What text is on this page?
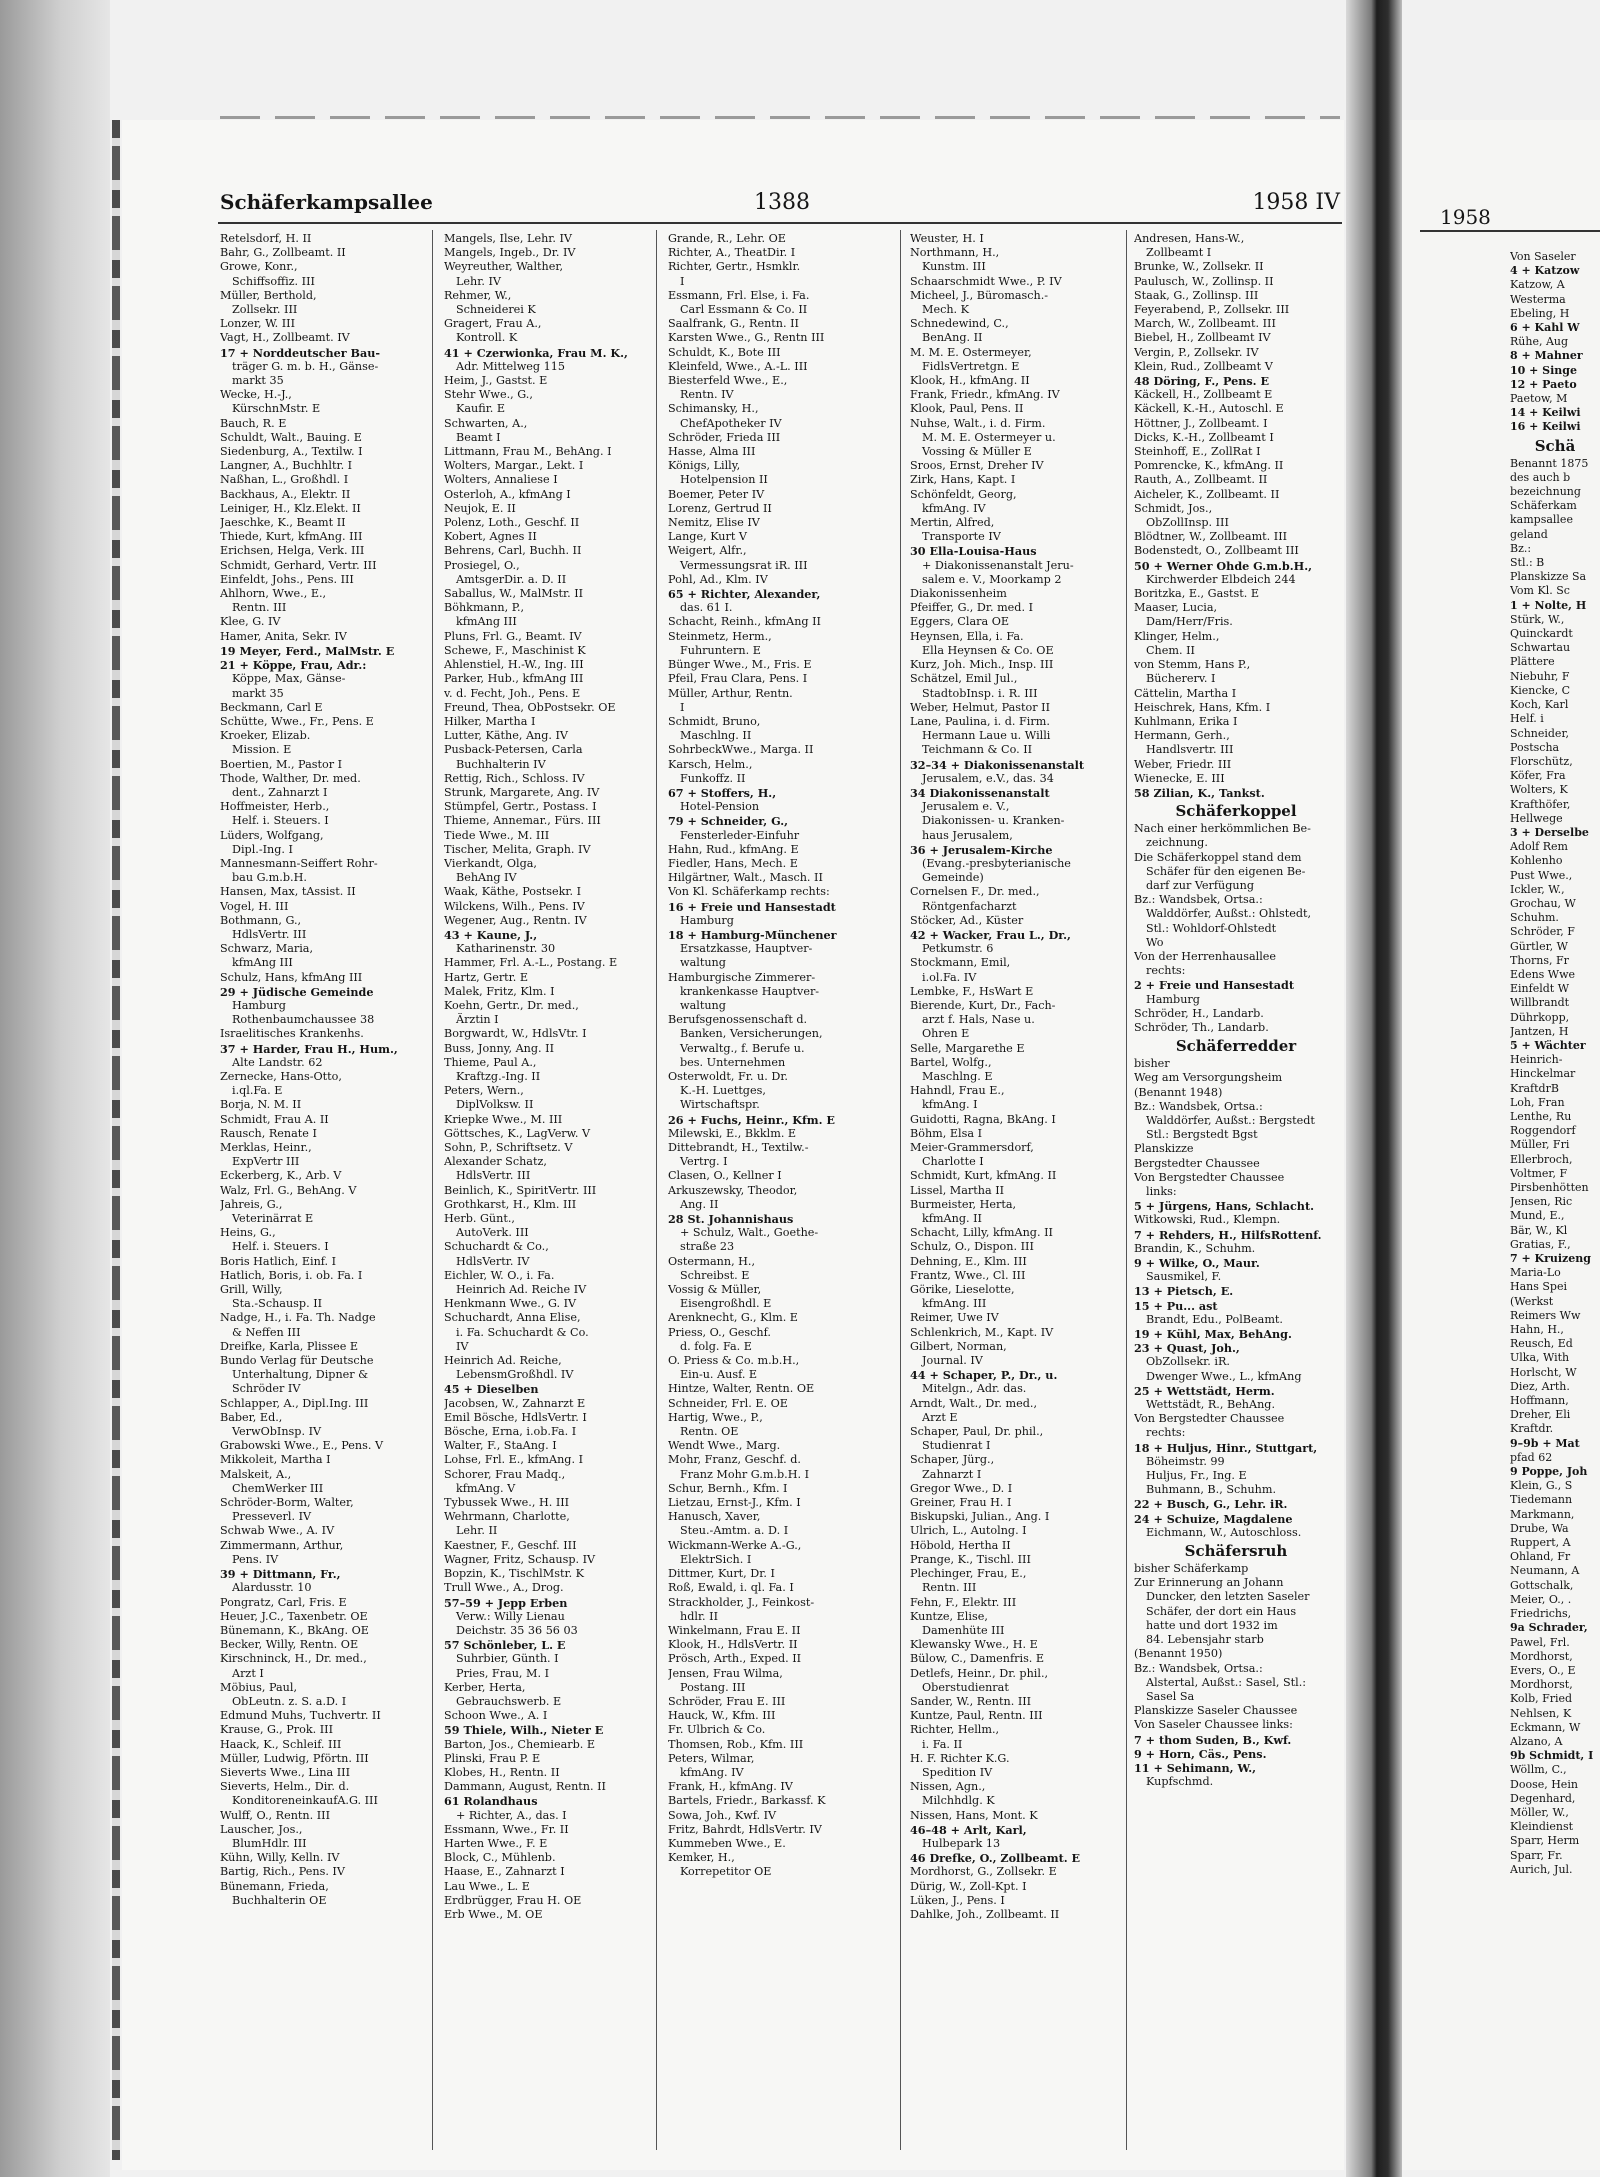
Schäferkampsallee	1388	1958 IV
Retelsdorf, H. II
Bahr, G., Zollbeamt. II
Growe, Konr.,
Schiffsoffiz. III
Müller, Berthold,
Zollsekr. III
Lonzer, W. III
Vagt, H., Zollbeamt. IV
17 + Norddeutscher Bau-
träger G. m. b. H., Gänse-
markt 35
Wecke, H.-J.,
KürschnMstr. E
Bauch, R. E
Schuldt, Walt., Bauing. E
Siedenburg, A., Textilw. I
Langner, A., Buchhltr. I
Naßhan, L., Großhdl. I
Backhaus, A., Elektr. II
Leiniger, H., Klz.Elekt. II
Jaeschke, K., Beamt II
Thiede, Kurt, kfmAng. III
Erichsen, Helga, Verk. III
Schmidt, Gerhard, Vertr. III
Einfeldt, Johs., Pens. III
Ahlhorn, Wwe., E.,
Rentn. III
Klee, G. IV
Hamer, Anita, Sekr. IV
19 Meyer, Ferd., MalMstr. E
21 + Köppe, Frau, Adr.:
Köppe, Max, Gänse-
markt 35
Beckmann, Carl E
Schütte, Wwe., Fr., Pens. E
Kroeker, Elizab.
Mission. E
Boertien, M., Pastor I
Thode, Walther, Dr. med.
dent., Zahnarzt I
Hoffmeister, Herb.,
Helf. i. Steuers. I
Lüders, Wolfgang,
Dipl.-Ing. I
Mannesmann-Seiffert Rohr-
bau G.m.b.H.
Hansen, Max, tAssist. II
Vogel, H. III
Bothmann, G.,
HdlsVertr. III
Schwarz, Maria,
kfmAng III
Schulz, Hans, kfmAng III
29 + Jüdische Gemeinde
Hamburg
Rothenbaumchaussee 38
Israelitisches Krankenhs.
37 + Harder, Frau H., Hum.,
Alte Landstr. 62
Zernecke, Hans-Otto,
i.ql.Fa. E
Borja, N. M. II
Schmidt, Frau A. II
Rausch, Renate I
Merklas, Heinr.,
ExpVertr III
Eckerberg, K., Arb. V
Walz, Frl. G., BehAng. V
Jahreis, G.,
Veterinärrat E
Heins, G.,
Helf. i. Steuers. I
Boris Hatlich, Einf. I
Hatlich, Boris, i. ob. Fa. I
Grill, Willy,
Sta.-Schausp. II
Nadge, H., i. Fa. Th. Nadge
& Neffen III
Dreifke, Karla, Plissee E
Bundo Verlag für Deutsche
Unterhaltung, Dipner &
Schröder IV
Schlapper, A., Dipl.Ing. III
Baber, Ed.,
VerwObInsp. IV
Grabowski Wwe., E., Pens. V
Mikkoleit, Martha I
Malskeit, A.,
ChemWerker III
Schröder-Borm, Walter,
Presseverl. IV
Schwab Wwe., A. IV
Zimmermann, Arthur,
Pens. IV
39 + Dittmann, Fr.,
Alardusstr. 10
Pongratz, Carl, Fris. E
Heuer, J.C., Taxenbetr. OE
Bünemann, K., BkAng. OE
Becker, Willy, Rentn. OE
Kirschninck, H., Dr. med.,
Arzt I
Möbius, Paul,
ObLeutn. z. S. a.D. I
Edmund Muhs, Tuchvertr. II
Krause, G., Prok. III
Haack, K., Schleif. III
Müller, Ludwig, Pförtn. III
Sieverts Wwe., Lina III
Sieverts, Helm., Dir. d.
KonditoreneinkaufA.G. III
Wulff, O., Rentn. III
Lauscher, Jos.,
BlumHdlr. III
Kühn, Willy, Kelln. IV
Bartig, Rich., Pens. IV
Bünemann, Frieda,
Buchhalterin OE
Mangels, Ilse, Lehr. IV
Mangels, Ingeb., Dr. IV
Weyreuther, Walther,
Lehr. IV
Rehmer, W.,
Schneiderei K
Gragert, Frau A.,
Kontroll. K
41 + Czerwionka, Frau M. K.,
Adr. Mittelweg 115
Heim, J., Gastst. E
Stehr Wwe., G.,
Kaufir. E
Schwarten, A.,
Beamt I
Littmann, Frau M., BehAng. I
Wolters, Margar., Lekt. I
Wolters, Annaliese I
Osterloh, A., kfmAng I
Neujok, E. II
Polenz, Loth., Geschf. II
Kobert, Agnes II
Behrens, Carl, Buchh. II
Prosiegel, O.,
AmtsgerDir. a. D. II
Saballus, W., MalMstr. II
Böhkmann, P.,
kfmAng III
Pluns, Frl. G., Beamt. IV
Schewe, F., Maschinist K
Ahlenstiel, H.-W., Ing. III
Parker, Hub., kfmAng III
v. d. Fecht, Joh., Pens. E
Freund, Thea, ObPostsekr. OE
Hilker, Martha I
Lutter, Käthe, Ang. IV
Pusback-Petersen, Carla
Buchhalterin IV
Rettig, Rich., Schloss. IV
Strunk, Margarete, Ang. IV
Stümpfel, Gertr., Postass. I
Thieme, Annemar., Fürs. III
Tiede Wwe., M. III
Tischer, Melita, Graph. IV
Vierkandt, Olga,
BehAng IV
Waak, Käthe, Postsekr. I
Wilckens, Wilh., Pens. IV
Wegener, Aug., Rentn. IV
43 + Kaune, J.,
Katharinenstr. 30
Hammer, Frl. A.-L., Postang. E
Hartz, Gertr. E
Malek, Fritz, Klm. I
Koehn, Gertr., Dr. med.,
Ärztin I
Borgwardt, W., HdlsVtr. I
Buss, Jonny, Ang. II
Thieme, Paul A.,
Kraftzg.-Ing. II
Peters, Wern.,
DiplVolksw. II
Kriepke Wwe., M. III
Göttsches, K., LagVerw. V
Sohn, P., Schriftsetz. V
Alexander Schatz,
HdlsVertr. III
Beinlich, K., SpiritVertr. III
Grothkarst, H., Klm. III
Herb. Günt.,
AutoVerk. III
Schuchardt & Co.,
HdlsVertr. IV
Eichler, W. O., i. Fa.
Heinrich Ad. Reiche IV
Henkmann Wwe., G. IV
Schuchardt, Anna Elise,
i. Fa. Schuchardt & Co.
IV
Heinrich Ad. Reiche,
LebensmGroßhdl. IV
45 + Dieselben
Jacobsen, W., Zahnarzt E
Emil Bösche, HdlsVertr. I
Bösche, Erna, i.ob.Fa. I
Walter, F., StaAng. I
Lohse, Frl. E., kfmAng. I
Schorer, Frau Madq.,
kfmAng. V
Tybussek Wwe., H. III
Wehrmann, Charlotte,
Lehr. II
Kaestner, F., Geschf. III
Wagner, Fritz, Schausp. IV
Bopzin, K., TischlMstr. K
Trull Wwe., A., Drog.
57–59 + Jepp Erben
Verw.: Willy Lienau
Deichstr. 35 36 56 03
57 Schönleber, L. E
Suhrbier, Günth. I
Pries, Frau, M. I
Kerber, Herta,
Gebrauchswerb. E
Schoon Wwe., A. I
59 Thiele, Wilh., Nieter E
Barton, Jos., Chemiearb. E
Plinski, Frau P. E
Klobes, H., Rentn. II
Dammann, August, Rentn. II
61 Rolandhaus
+ Richter, A., das. I
Essmann, Wwe., Fr. II
Harten Wwe., F. E
Block, C., Mühlenb.
Haase, E., Zahnarzt I
Lau Wwe., L. E
Erdbrügger, Frau H. OE
Erb Wwe., M. OE
Grande, R., Lehr. OE
Richter, A., TheatDir. I
Richter, Gertr., Hsmklr.
I
Essmann, Frl. Else, i. Fa.
Carl Essmann & Co. II
Saalfrank, G., Rentn. II
Karsten Wwe., G., Rentn III
Schuldt, K., Bote III
Kleinfeld, Wwe., A.-L. III
Biesterfeld Wwe., E.,
Rentn. IV
Schimansky, H.,
ChefApotheker IV
Schröder, Frieda III
Hasse, Alma III
Königs, Lilly,
Hotelpension II
Boemer, Peter IV
Lorenz, Gertrud II
Nemitz, Elise IV
Lange, Kurt V
Weigert, Alfr.,
Vermessungsrat iR. III
Pohl, Ad., Klm. IV
65 + Richter, Alexander,
das. 61 I.
Schacht, Reinh., kfmAng II
Steinmetz, Herm.,
Fuhruntern. E
Bünger Wwe., M., Fris. E
Pfeil, Frau Clara, Pens. I
Müller, Arthur, Rentn.
I
Schmidt, Bruno,
Maschlng. II
SohrbeckWwe., Marga. II
Karsch, Helm.,
Funkoffz. II
67 + Stoffers, H.,
Hotel-Pension
79 + Schneider, G.,
Fensterleder-Einfuhr
Hahn, Rud., kfmAng. E
Fiedler, Hans, Mech. E
Hilgärtner, Walt., Masch. II
Von Kl. Schäferkamp rechts:
16 + Freie und Hansestadt
Hamburg
18 + Hamburg-Münchener
Ersatzkasse, Hauptver-
waltung
Hamburgische Zimmerer-
krankenkasse Hauptver-
waltung
Berufsgenossenschaft d.
Banken, Versicherungen,
Verwaltg., f. Berufe u.
bes. Unternehmen
Osterwoldt, Fr. u. Dr.
K.-H. Luettges,
Wirtschaftspr.
26 + Fuchs, Heinr., Kfm. E
Milewski, E., Bkklm. E
Dittebrandt, H., Textilw.-
Vertrg. I
Clasen, O., Kellner I
Arkuszewsky, Theodor,
Ang. II
28 St. Johannishaus
+ Schulz, Walt., Goethe-
straße 23
Ostermann, H.,
Schreibst. E
Vossig & Müller,
Eisengroßhdl. E
Arenknecht, G., Klm. E
Priess, O., Geschf.
d. folg. Fa. E
O. Priess & Co. m.b.H.,
Ein-u. Ausf. E
Hintze, Walter, Rentn. OE
Schneider, Frl. E. OE
Hartig, Wwe., P.,
Rentn. OE
Wendt Wwe., Marg.
Mohr, Franz, Geschf. d.
Franz Mohr G.m.b.H. I
Schur, Bernh., Kfm. I
Lietzau, Ernst-J., Kfm. I
Hanusch, Xaver,
Steu.-Amtm. a. D. I
Wickmann-Werke A.-G.,
ElektrSich. I
Dittmer, Kurt, Dr. I
Roß, Ewald, i. ql. Fa. I
Strackholder, J., Feinkost-
hdlr. II
Winkelmann, Frau E. II
Klook, H., HdlsVertr. II
Prösch, Arth., Exped. II
Jensen, Frau Wilma,
Postang. III
Schröder, Frau E. III
Hauck, W., Kfm. III
Fr. Ulbrich & Co.
Thomsen, Rob., Kfm. III
Peters, Wilmar,
kfmAng. IV
Frank, H., kfmAng. IV
Bartels, Friedr., Barkassf. K
Sowa, Joh., Kwf. IV
Fritz, Bahrdt, HdlsVertr. IV
Kummeben Wwe., E.
Kemker, H.,
Korrepetitor OE
Weuster, H. I
Northmann, H.,
Kunstm. III
Schaarschmidt Wwe., P. IV
Micheel, J., Büromasch.-
Mech. K
Schnedewind, C.,
BenAng. II
M. M. E. Ostermeyer,
FidlsVertretgn. E
Klook, H., kfmAng. II
Frank, Friedr., kfmAng. IV
Klook, Paul, Pens. II
Nuhse, Walt., i. d. Firm.
M. M. E. Ostermeyer u.
Vossing & Müller E
Sroos, Ernst, Dreher IV
Zirk, Hans, Kapt. I
Schönfeldt, Georg,
kfmAng. IV
Mertin, Alfred,
Transporte IV
30 Ella-Louisa-Haus
+ Diakonissenanstalt Jeru-
salem e. V., Moorkamp 2
Diakonissenheim
Pfeiffer, G., Dr. med. I
Eggers, Clara OE
Heynsen, Ella, i. Fa.
Ella Heynsen & Co. OE
Kurz, Joh. Mich., Insp. III
Schätzel, Emil Jul.,
StadtobInsp. i. R. III
Weber, Helmut, Pastor II
Lane, Paulina, i. d. Firm.
Hermann Laue u. Willi
Teichmann & Co. II
32–34 + Diakonissenanstalt
Jerusalem, e.V., das. 34
34 Diakonissenanstalt
Jerusalem e. V.,
Diakonissen- u. Kranken-
haus Jerusalem,
36 + Jerusalem-Kirche
(Evang.-presbyterianische
Gemeinde)
Cornelsen F., Dr. med.,
Röntgenfacharzt
Stöcker, Ad., Küster
42 + Wacker, Frau L., Dr.,
Petkumstr. 6
Stockmann, Emil,
i.ol.Fa. IV
Lembke, F., HsWart E
Bierende, Kurt, Dr., Fach-
arzt f. Hals, Nase u.
Ohren E
Selle, Margarethe E
Bartel, Wolfg.,
Maschlng. E
Hahndl, Frau E.,
kfmAng. I
Guidotti, Ragna, BkAng. I
Böhm, Elsa I
Meier-Grammersdorf,
Charlotte I
Schmidt, Kurt, kfmAng. II
Lissel, Martha II
Burmeister, Herta,
kfmAng. II
Schacht, Lilly, kfmAng. II
Schulz, O., Dispon. III
Dehning, E., Klm. III
Frantz, Wwe., Cl. III
Görike, Lieselotte,
kfmAng. III
Reimer, Uwe IV
Schlenkrich, M., Kapt. IV
Gilbert, Norman,
Journal. IV
44 + Schaper, P., Dr., u.
Mitelgn., Adr. das.
Arndt, Walt., Dr. med.,
Arzt E
Schaper, Paul, Dr. phil.,
Studienrat I
Schaper, Jürg.,
Zahnarzt I
Gregor Wwe., D. I
Greiner, Frau H. I
Biskupski, Julian., Ang. I
Ulrich, L., Autolng. I
Höbold, Hertha II
Prange, K., Tischl. III
Plechinger, Frau, E.,
Rentn. III
Fehn, F., Elektr. III
Kuntze, Elise,
Damenhüte III
Klewansky Wwe., H. E
Bülow, C., Damenfris. E
Detlefs, Heinr., Dr. phil.,
Oberstudienrat
Sander, W., Rentn. III
Kuntze, Paul, Rentn. III
Richter, Hellm.,
i. Fa. II
H. F. Richter K.G.
Spedition IV
Nissen, Agn.,
Milchhdlg. K
Nissen, Hans, Mont. K
46–48 + Arlt, Karl,
Hulbepark 13
46 Drefke, O., Zollbeamt. E
Mordhorst, G., Zollsekr. E
Dürig, W., Zoll-Kpt. I
Lüken, J., Pens. I
Dahlke, Joh., Zollbeamt. II
Andresen, Hans-W.,
Zollbeamt I
Brunke, W., Zollsekr. II
Paulusch, W., Zollinsp. II
Staak, G., Zollinsp. III
Feyerabend, P., Zollsekr. III
March, W., Zollbeamt. III
Biebel, H., Zollbeamt IV
Vergin, P., Zollsekr. IV
Klein, Rud., Zollbeamt V
48 Döring, F., Pens. E
Käckell, H., Zollbeamt E
Käckell, K.-H., Autoschl. E
Höttner, J., Zollbeamt. I
Dicks, K.-H., Zollbeamt I
Steinhoff, E., ZollRat I
Pomrencke, K., kfmAng. II
Rauth, A., Zollbeamt. II
Aicheler, K., Zollbeamt. II
Schmidt, Jos.,
ObZollInsp. III
Blödtner, W., Zollbeamt. III
Bodenstedt, O., Zollbeamt III
50 + Werner Ohde G.m.b.H.,
Kirchwerder Elbdeich 244
Boritzka, E., Gastst. E
Maaser, Lucia,
Dam/Herr/Fris.
Klinger, Helm.,
Chem. II
von Stemm, Hans P.,
Büchererv. I
Cättelin, Martha I
Heischrek, Hans, Kfm. I
Kuhlmann, Erika I
Hermann, Gerh.,
Handlsvertr. III
Weber, Friedr. III
Wienecke, E. III
58 Zilian, K., Tankst.
Schäferkoppel
Nach einer herkömmlichen Be-
zeichnung.
Die Schäferkoppel stand dem
Schäfer für den eigenen Be-
darf zur Verfügung
Bz.: Wandsbek, Ortsa.:
Walddörfer, Außst.: Ohlstedt,
Stl.: Wohldorf-Ohlstedt
Wo
Von der Herrenhausallee
rechts:
2 + Freie und Hansestadt
Hamburg
Schröder, H., Landarb.
Schröder, Th., Landarb.
Schäferredder
bisher
Weg am Versorgungsheim
(Benannt 1948)
Bz.: Wandsbek, Ortsa.:
Walddörfer, Außst.: Bergstedt
Stl.: Bergstedt Bgst
Planskizze
Bergstedter Chaussee
Von Bergstedter Chaussee
links:
5 + Jürgens, Hans, Schlacht.
Witkowski, Rud., Klempn.
7 + Rehders, H., HilfsRottenf.
Brandin, K., Schuhm.
9 + Wilke, O., Maur.
Sausmikel, F.
13 + Pietsch, E.
15 + Pu... ast
Brandt, Edu., PolBeamt.
19 + Kühl, Max, BehAng.
23 + Quast, Joh.,
ObZollsekr. iR.
Dwenger Wwe., L., kfmAng
25 + Wettstädt, Herm.
Wettstädt, R., BehAng.
Von Bergstedter Chaussee
rechts:
18 + Huljus, Hinr., Stuttgart,
Böheimstr. 99
Huljus, Fr., Ing. E
Buhmann, B., Schuhm.
22 + Busch, G., Lehr. iR.
24 + Schuize, Magdalene
Eichmann, W., Autoschloss.
Schäfersruh
bisher Schäferkamp
Zur Erinnerung an Johann
Duncker, den letzten Saseler
Schäfer, der dort ein Haus
hatte und dort 1932 im
84. Lebensjahr starb
(Benannt 1950)
Bz.: Wandsbek, Ortsa.:
Alstertal, Außst.: Sasel, Stl.:
Sasel Sa
Planskizze Saseler Chaussee
Von Saseler Chaussee links:
7 + thom Suden, B., Kwf.
9 + Horn, Cäs., Pens.
11 + Sehimann, W.,
Kupfschmd.
1958
Von Saseler
4 + Katzow
Katzow, A
Westerma
Ebeling, H
6 + Kahl W
Rühe, Aug
8 + Mahner
10 + Singe
12 + Paeto
Paetow, M
14 + Keilwi
16 + Keilwi
Schä
Benannt 1875
des auch b
bezeichnung
Schäferkam
kampsallee
geland
Bz.:
Stl.: B
Planskizze Sa
Vom Kl. Sc
1 + Nolte, H
Stürk, W.,
Quinckardt
Schwartau
Plättere
Niebuhr, F
Kiencke, C
Koch, Karl
Helf. i
Schneider,
Postscha
Florschütz,
Köfer, Fra
Wolters, K
Krafthöfer,
Hellwege
3 + Derselbe
Adolf Rem
Kohlenho
Pust Wwe.,
Ickler, W.,
Grochau, W
Schuhm.
Schröder, F
Gürtler, W
Thorns, Fr
Edens Wwe
Einfeldt W
Willbrandt
Dührkopp,
Jantzen, H
5 + Wächter
Heinrich-
Hinckelmar
KraftdrB
Loh, Fran
Lenthe, Ru
Roggendorf
Müller, Fri
Ellerbroch,
Voltmer, F
Pirsbenhötten
Jensen, Ric
Mund, E.,
Bär, W., Kl
Gratias, F.,
7 + Kruizeng
Maria-Lo
Hans Spei
(Werkst
Reimers Ww
Hahn, H.,
Reusch, Ed
Ulka, With
Horlscht, W
Diez, Arth.
Hoffmann,
Dreher, Eli
Kraftdr.
9–9b + Mat
pfad 62
9 Poppe, Joh
Klein, G., S
Tiedemann
Markmann,
Drube, Wa
Ruppert, A
Ohland, Fr
Neumann, A
Gottschalk,
Meier, O., .
Friedrichs,
9a Schrader,
Pawel, Frl.
Mordhorst,
Evers, O., E
Mordhorst,
Kolb, Fried
Nehlsen, K
Eckmann, W
Alzano, A
9b Schmidt, I
Wöllm, C.,
Doose, Hein
Degenhard,
Möller, W.,
Kleindienst
Sparr, Herm
Sparr, Fr.
Aurich, Jul.
